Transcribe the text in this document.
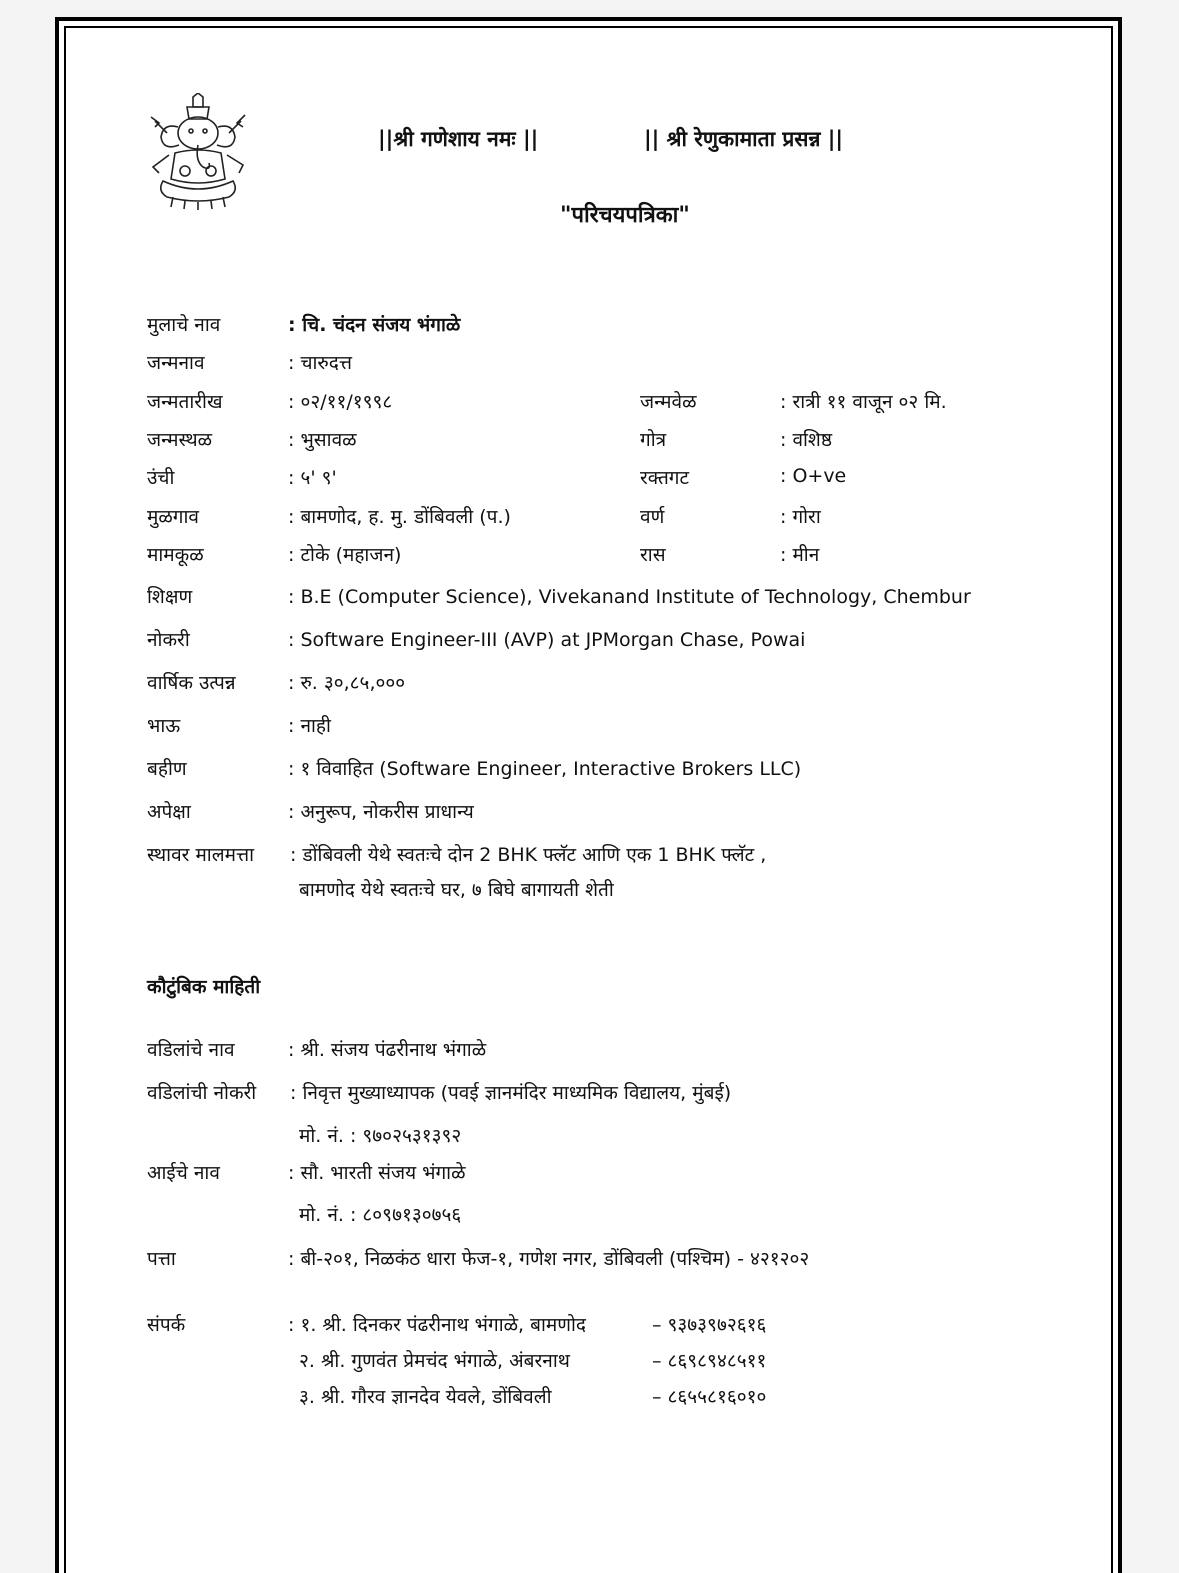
||श्री गणेशाय नमः ||	|| श्री रेणुकामाता प्रसन्न ||
"परिचयपत्रिका"
मुलाचे नाव	: चि. चंदन संजय भंगाळे
जन्मनाव	: चारुदत्त
जन्मतारीख	: ०२/११/१९९८	जन्मवेळ	: रात्री ११ वाजून ०२ मि.
जन्मस्थळ	: भुसावळ	गोत्र	: वशिष्ठ
उंची	: ५' ९'	रक्तगट	: O+ve
मुळगाव	: बामणोद, ह. मु. डोंबिवली (प.)	वर्ण	: गोरा
मामकूळ	: टोके (महाजन)	रास	: मीन
शिक्षण	: B.E (Computer Science), Vivekanand Institute of Technology, Chembur
नोकरी	: Software Engineer-III (AVP) at JPMorgan Chase, Powai
वार्षिक उत्पन्न	: रु. ३०,८५,०००
भाऊ	: नाही
बहीण	: १ विवाहित (Software Engineer, Interactive Brokers LLC)
अपेक्षा	: अनुरूप, नोकरीस प्राधान्य
स्थावर मालमत्ता : डोंबिवली येथे स्वतःचे दोन 2 BHK फ्लॅट आणि एक 1 BHK फ्लॅट ,
बामणोद येथे स्वतःचे घर, ७ बिघे बागायती शेती
कौटुंबिक माहिती
वडिलांचे नाव	: श्री. संजय पंढरीनाथ भंगाळे
वडिलांची नोकरी : निवृत्त मुख्याध्यापक (पवई ज्ञानमंदिर माध्यमिक विद्यालय, मुंबई)
मो. नं. : ९७०२५३१३९२
आईचे नाव	: सौ. भारती संजय भंगाळे
मो. नं. : ८०९७१३०७५६
पत्ता	: बी-२०१, निळकंठ धारा फेज-१, गणेश नगर, डोंबिवली (पश्चिम) - ४२१२०२
संपर्क	: १. श्री. दिनकर पंढरीनाथ भंगाळे, बामणोद	– ९३७३९७२६१६
२. श्री. गुणवंत प्रेमचंद भंगाळे, अंबरनाथ	– ८६९८९४८५११
३. श्री. गौरव ज्ञानदेव येवले, डोंबिवली	– ८६५५८१६०१०
